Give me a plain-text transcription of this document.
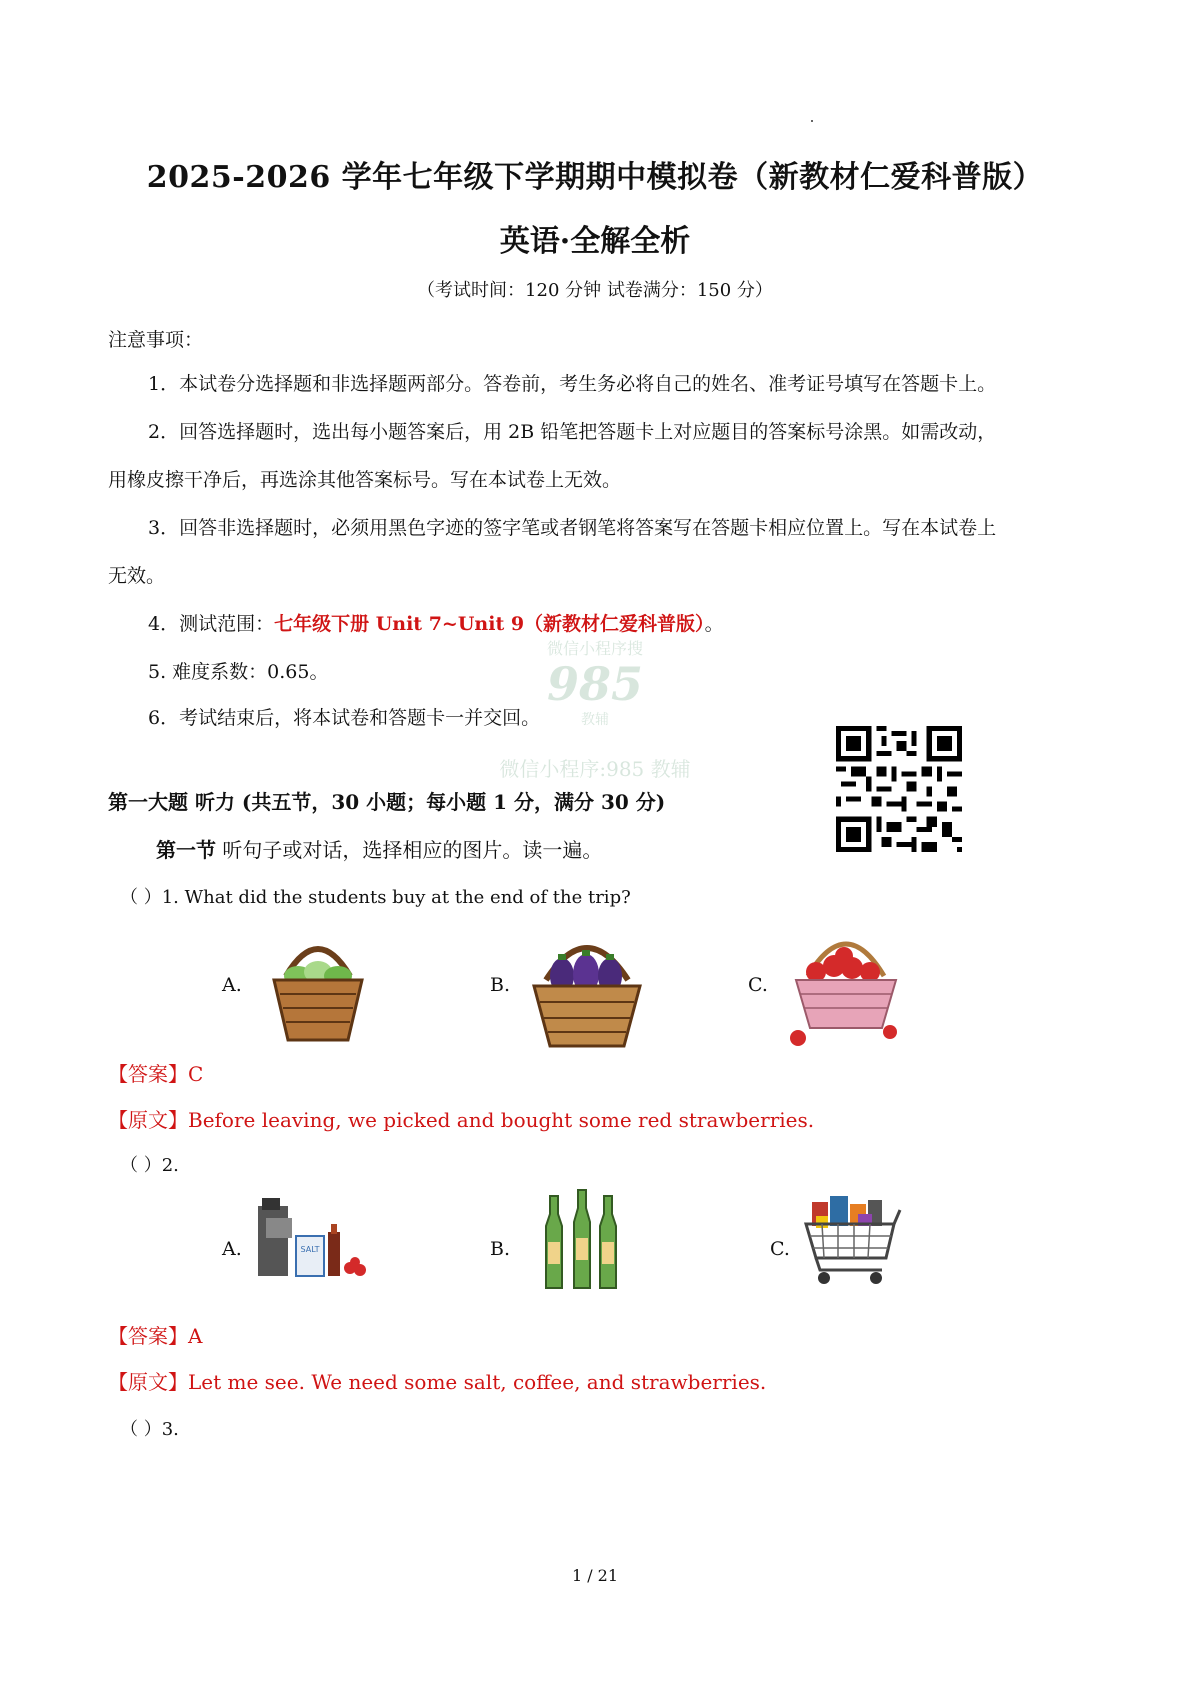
2025-2026 学年七年级下学期期中模拟卷（新教材仁爱科普版）
英语·全解全析
（考试时间：120 分钟 试卷满分：150 分）
注意事项：
1．本试卷分选择题和非选择题两部分。答卷前，考生务必将自己的姓名、准考证号填写在答题卡上。
2．回答选择题时，选出每小题答案后，用 2B 铅笔把答题卡上对应题目的答案标号涂黑。如需改动，
用橡皮擦干净后，再选涂其他答案标号。写在本试卷上无效。
3．回答非选择题时，必须用黑色字迹的签字笔或者钢笔将答案写在答题卡相应位置上。写在本试卷上
无效。
4．测试范围：七年级下册 Unit 7~Unit 9（新教材仁爱科普版）。
5. 难度系数：0.65。
6．考试结束后，将本试卷和答题卡一并交回。
微信小程序搜
985
教辅
微信小程序:985 教辅
第一大题 听力 (共五节，30 小题；每小题 1 分，满分 30 分)
第一节 听句子或对话，选择相应的图片。读一遍。
（ ）1. What did the students buy at the end of the trip?
A.	B.	C.
【答案】C
【原文】Before leaving, we picked and bought some red strawberries.
（ ）2.
A.	SALT	B.	C.
【答案】A
【原文】Let me see. We need some salt, coffee, and strawberries.
（ ）3.
1 / 21
